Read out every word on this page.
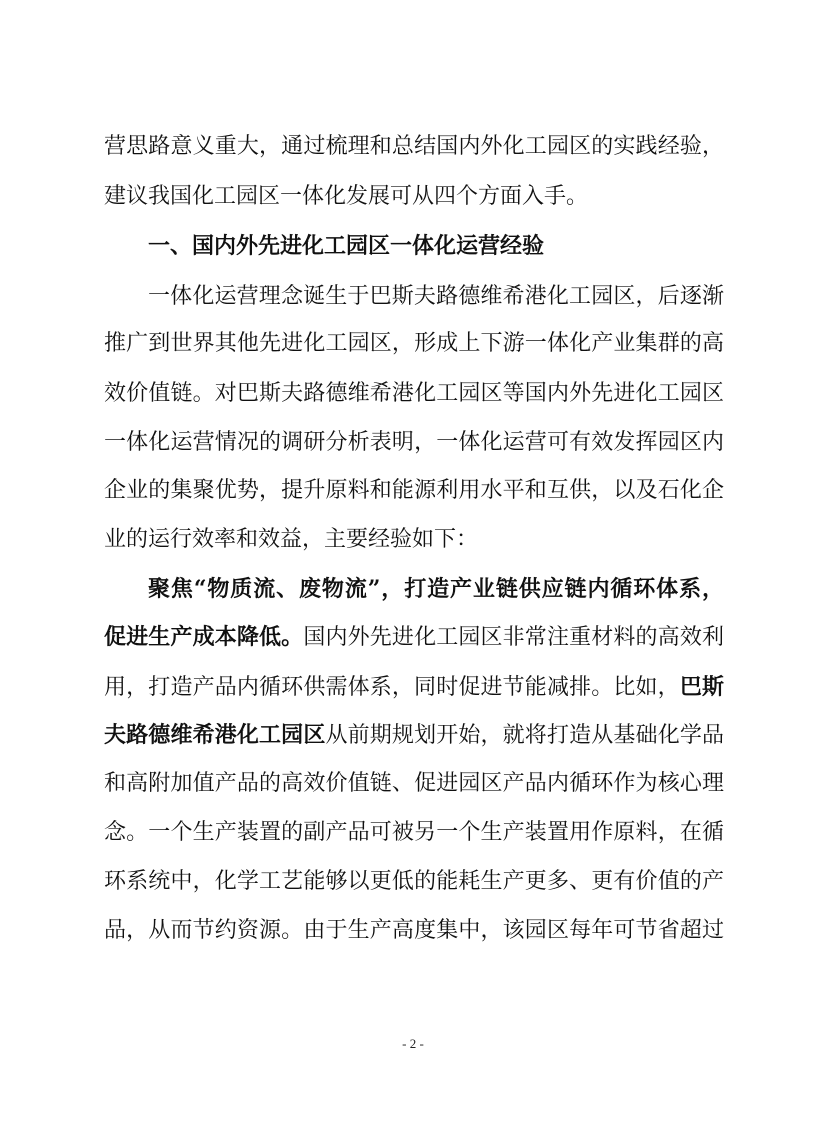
营思路意义重大，通过梳理和总结国内外化工园区的实践经验，
建议我国化工园区一体化发展可从四个方面入手。
一、国内外先进化工园区一体化运营经验
一体化运营理念诞生于巴斯夫路德维希港化工园区，后逐渐
推广到世界其他先进化工园区，形成上下游一体化产业集群的高
效价值链。对巴斯夫路德维希港化工园区等国内外先进化工园区
一体化运营情况的调研分析表明，一体化运营可有效发挥园区内
企业的集聚优势，提升原料和能源利用水平和互供，以及石化企
业的运行效率和效益，主要经验如下：
聚焦“物质流、废物流”，打造产业链供应链内循环体系，
促进生产成本降低。国内外先进化工园区非常注重材料的高效利
用，打造产品内循环供需体系，同时促进节能减排。比如，巴斯
夫路德维希港化工园区从前期规划开始，就将打造从基础化学品
和高附加值产品的高效价值链、促进园区产品内循环作为核心理
念。一个生产装置的副产品可被另一个生产装置用作原料，在循
环系统中，化学工艺能够以更低的能耗生产更多、更有价值的产
品，从而节约资源。由于生产高度集中，该园区每年可节省超过
- 2 -
